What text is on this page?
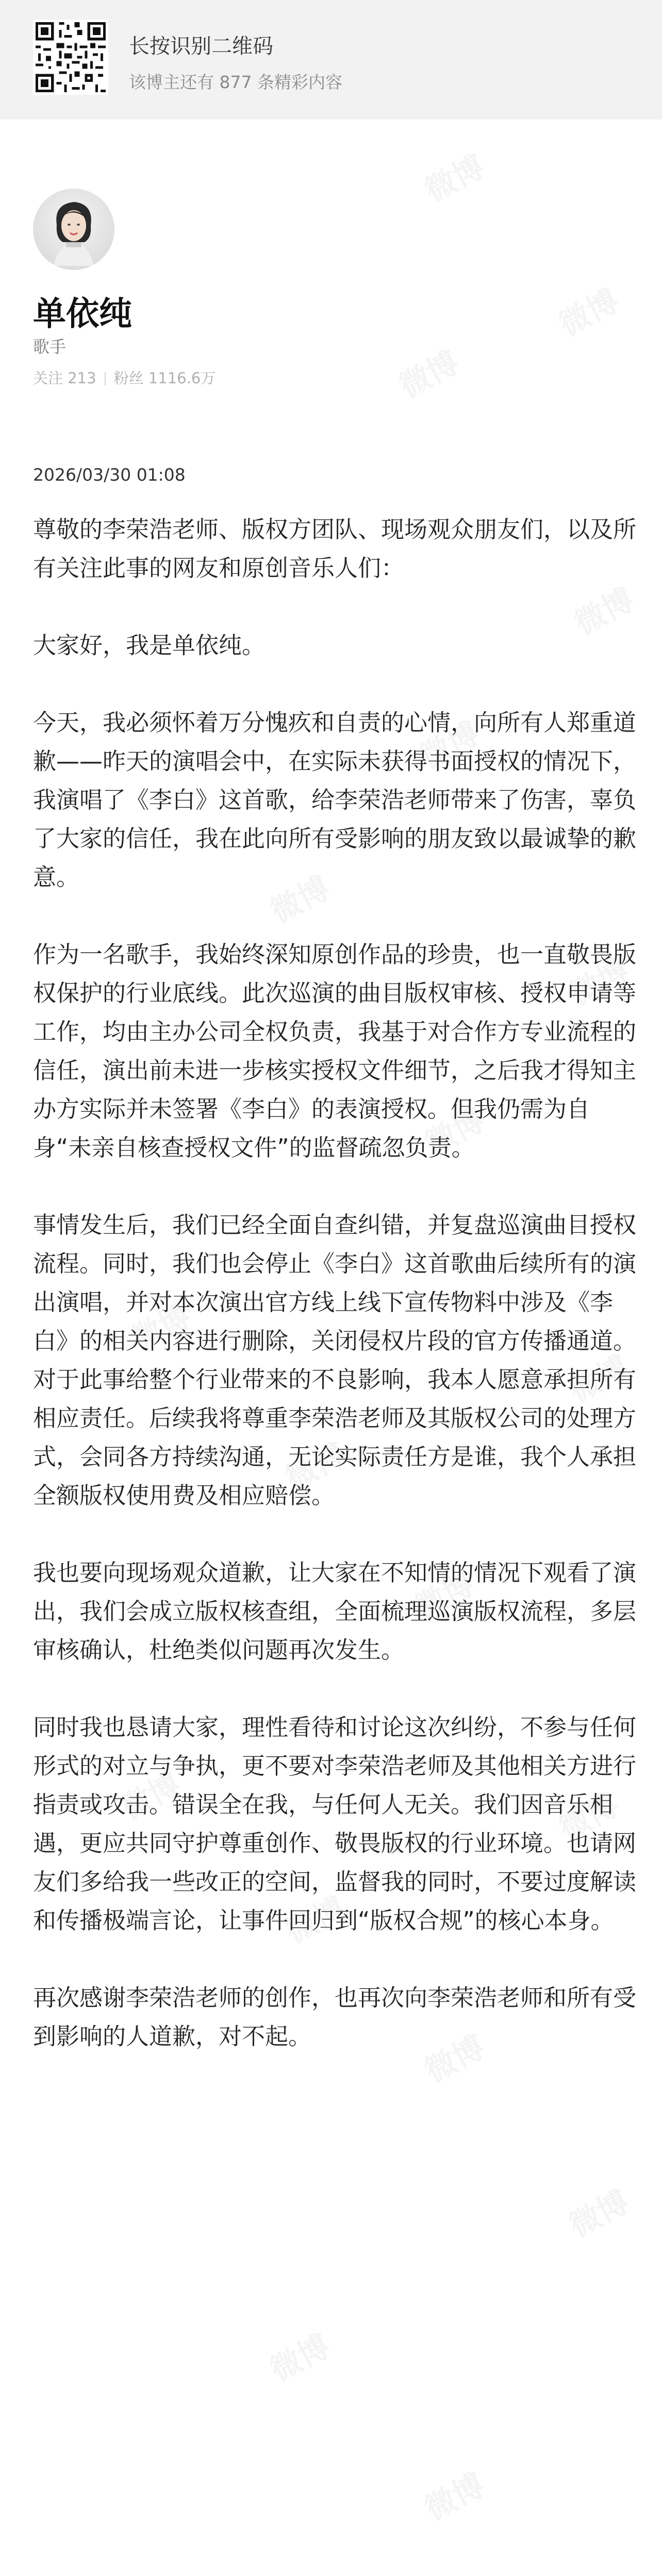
长按识别二维码
该博主还有 877 条精彩内容
单依纯
歌手
关注 213 粉丝 1116.6万
2026/03/30 01:08

尊敬的李荣浩老师、版权方团队、现场观众朋友们，以及所有关注此事的网友和原创音乐人们：

大家好，我是单依纯。

今天，我必须怀着万分愧疚和自责的心情，向所有人郑重道歉——昨天的演唱会中，在实际未获得书面授权的情况下，我演唱了《李白》这首歌，给李荣浩老师带来了伤害，辜负了大家的信任，我在此向所有受影响的朋友致以最诚挚的歉意。

作为一名歌手，我始终深知原创作品的珍贵，也一直敬畏版权保护的行业底线。此次巡演的曲目版权审核、授权申请等工作，均由主办公司全权负责，我基于对合作方专业流程的信任，演出前未进一步核实授权文件细节，之后我才得知主办方实际并未签署《李白》的表演授权。但我仍需为自身“未亲自核查授权文件”的监督疏忽负责。

事情发生后，我们已经全面自查纠错，并复盘巡演曲目授权流程。同时，我们也会停止《李白》这首歌曲后续所有的演出演唱，并对本次演出官方线上线下宣传物料中涉及《李白》的相关内容进行删除，关闭侵权片段的官方传播通道。对于此事给整个行业带来的不良影响，我本人愿意承担所有相应责任。后续我将尊重李荣浩老师及其版权公司的处理方式，会同各方持续沟通，无论实际责任方是谁，我个人承担全额版权使用费及相应赔偿。

我也要向现场观众道歉，让大家在不知情的情况下观看了演出，我们会成立版权核查组，全面梳理巡演版权流程，多层审核确认，杜绝类似问题再次发生。

同时我也恳请大家，理性看待和讨论这次纠纷，不参与任何形式的对立与争执，更不要对李荣浩老师及其他相关方进行指责或攻击。错误全在我，与任何人无关。我们因音乐相遇，更应共同守护尊重创作、敬畏版权的行业环境。也请网友们多给我一些改正的空间，监督我的同时，不要过度解读和传播极端言论，让事件回归到“版权合规”的核心本身。

再次感谢李荣浩老师的创作，也再次向李荣浩老师和所有受到影响的人道歉，对不起。
